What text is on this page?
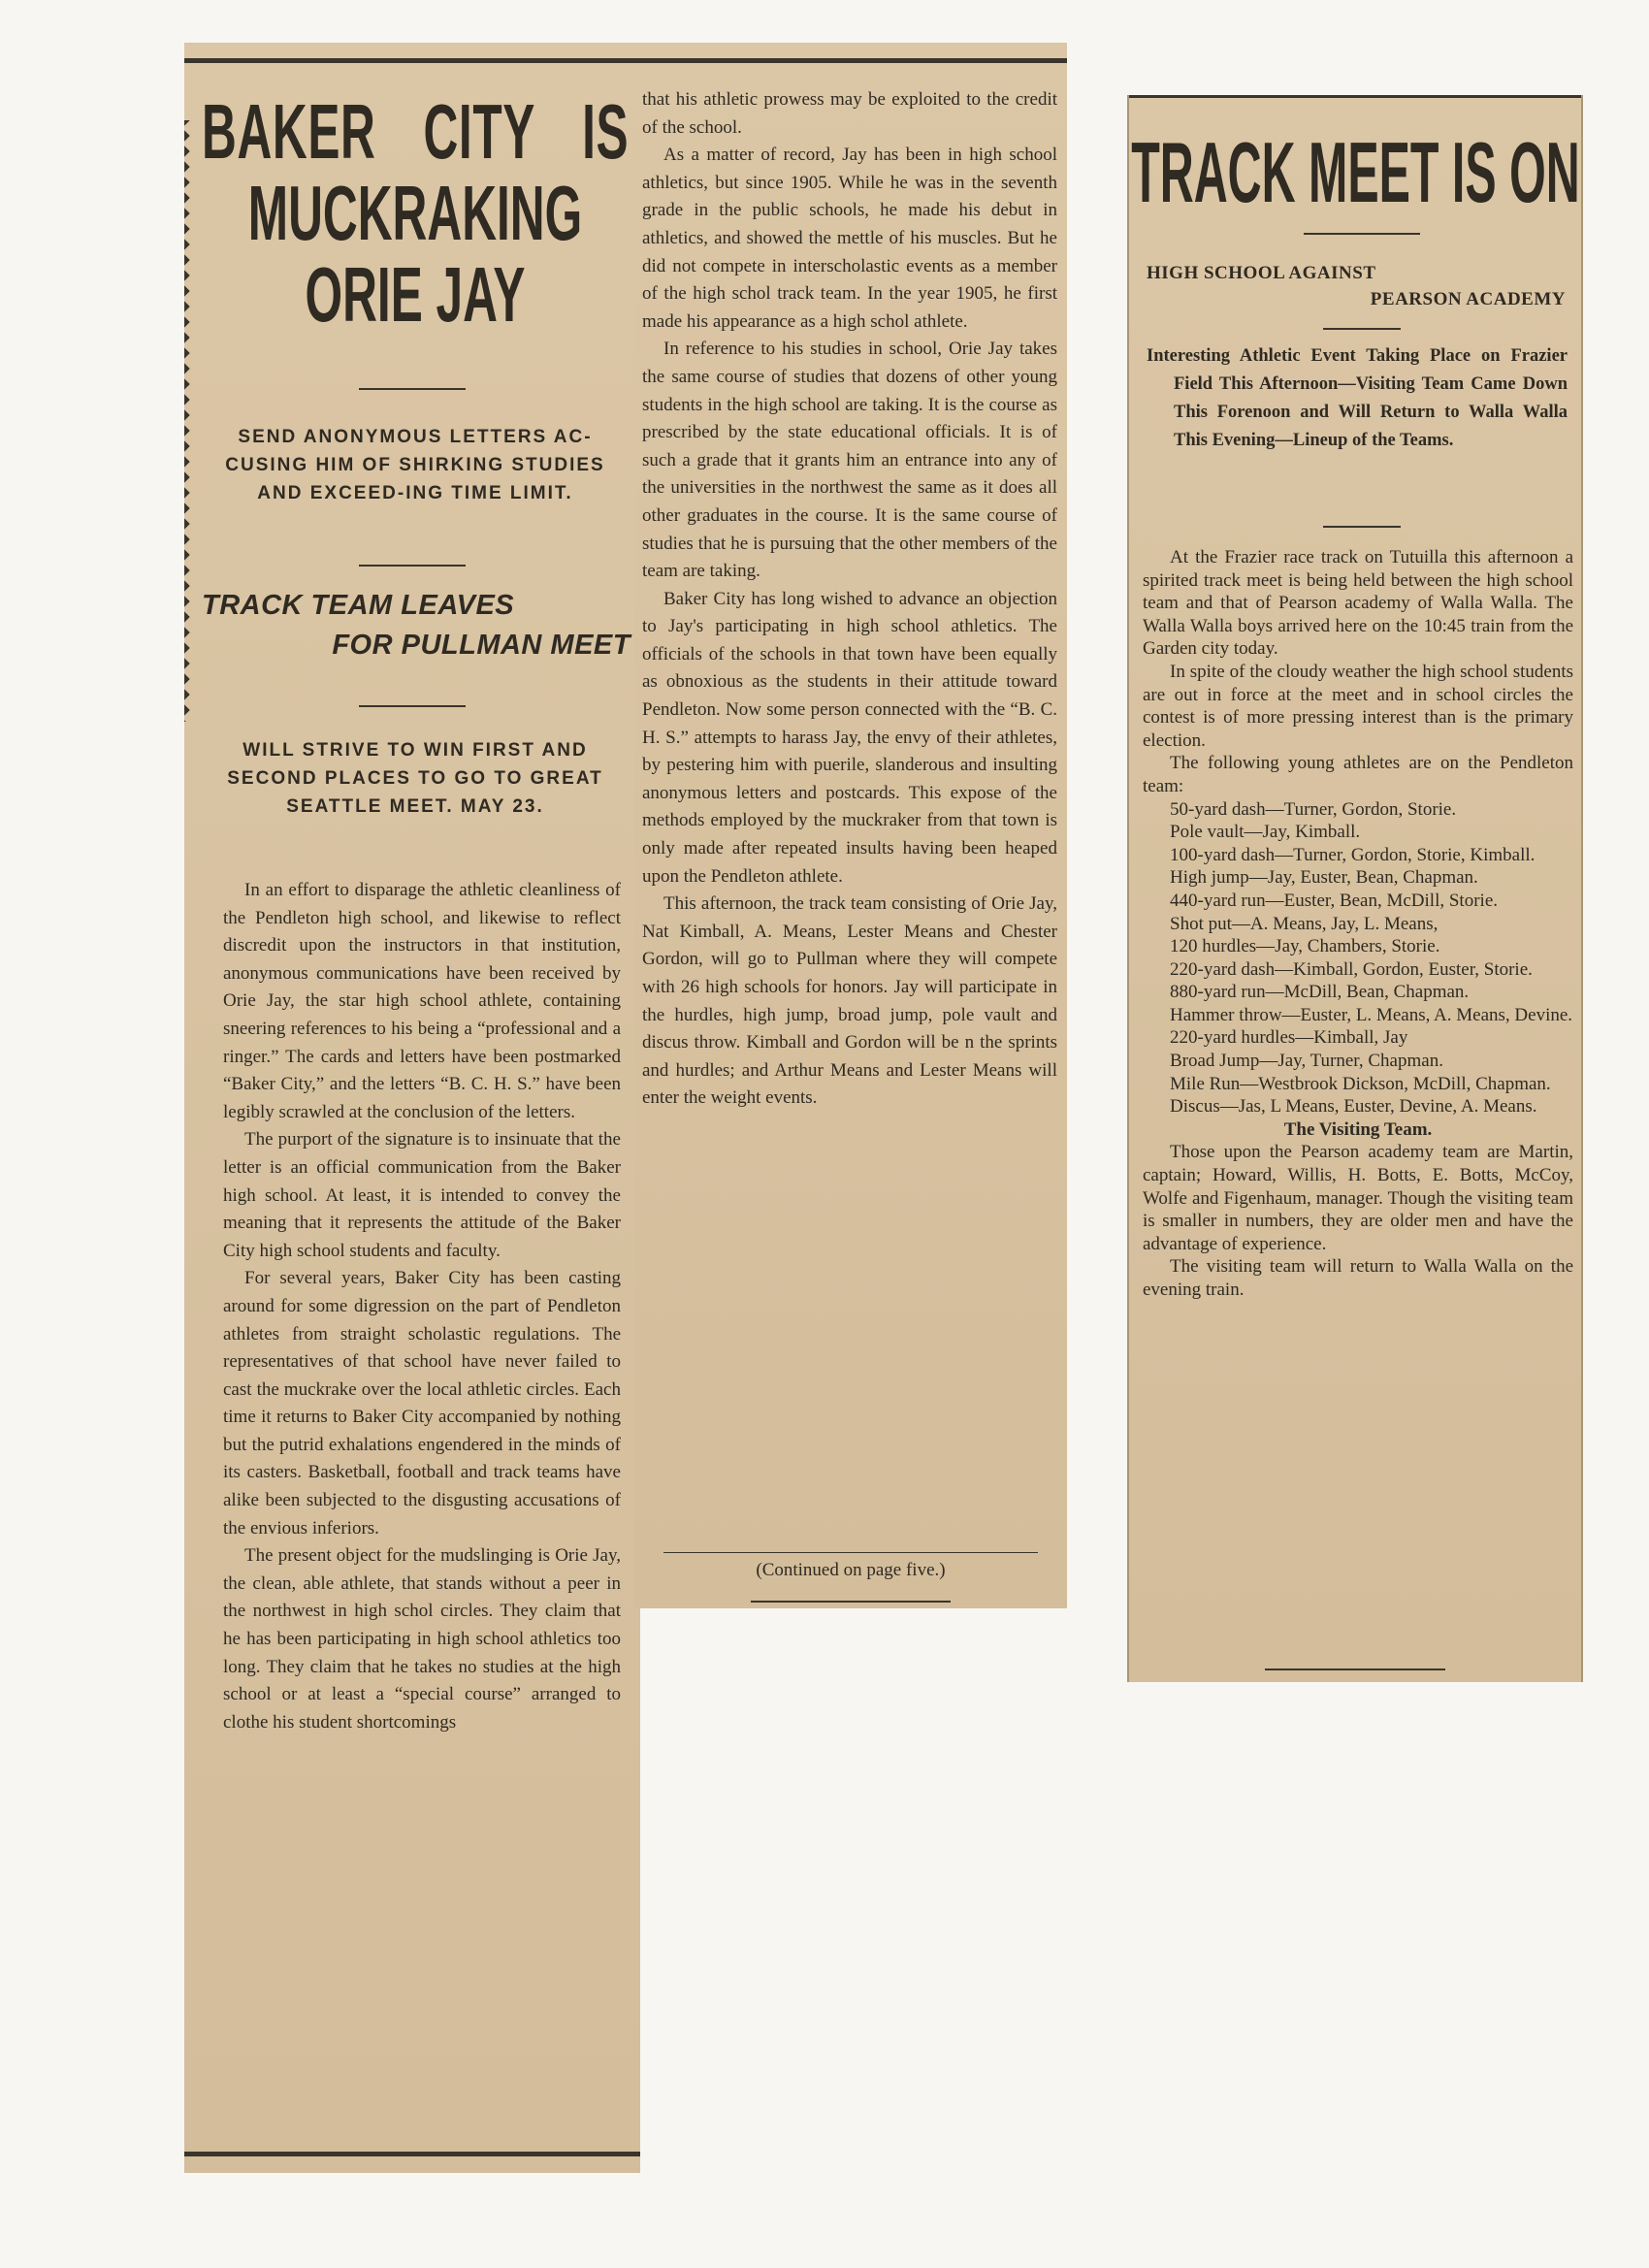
BAKER CITY IS
MUCKRAKING
ORIE JAY

SEND ANONYMOUS LETTERS AC-CUSING HIM OF SHIRKING STUDIES AND EXCEED-ING TIME LIMIT.

TRACK TEAM LEAVES
FOR PULLMAN MEET

WILL STRIVE TO WIN FIRST AND SECOND PLACES TO GO TO GREAT SEATTLE MEET. MAY 23.

In an effort to disparage the athletic cleanliness of the Pendleton high school, and likewise to reflect discredit upon the instructors in that institution, anonymous communications have been received by Orie Jay, the star high school athlete, containing sneering references to his being a “professional and a ringer.” The cards and letters have been postmarked “Baker City,” and the letters “B. C. H. S.” have been legibly scrawled at the conclusion of the letters.

The purport of the signature is to insinuate that the letter is an official communication from the Baker high school. At least, it is intended to convey the meaning that it represents the attitude of the Baker City high school students and faculty.

For several years, Baker City has been casting around for some digression on the part of Pendleton athletes from straight scholastic regulations. The representatives of that school have never failed to cast the muckrake over the local athletic circles. Each time it returns to Baker City accompanied by nothing but the putrid exhalations engendered in the minds of its casters. Basketball, football and track teams have alike been subjected to the disgusting accusations of the envious inferiors.

The present object for the mudslinging is Orie Jay, the clean, able athlete, that stands without a peer in the northwest in high schol circles. They claim that he has been participating in high school athletics too long. They claim that he takes no studies at the high school or at least a “special course” arranged to clothe his student shortcomings

that his athletic prowess may be exploited to the credit of the school.

As a matter of record, Jay has been in high school athletics, but since 1905. While he was in the seventh grade in the public schools, he made his debut in athletics, and showed the mettle of his muscles. But he did not compete in interscholastic events as a member of the high schol track team. In the year 1905, he first made his appearance as a high schol athlete.

In reference to his studies in school, Orie Jay takes the same course of studies that dozens of other young students in the high school are taking. It is the course as prescribed by the state educational officials. It is of such a grade that it grants him an entrance into any of the universities in the northwest the same as it does all other graduates in the course. It is the same course of studies that he is pursuing that the other members of the team are taking.

Baker City has long wished to advance an objection to Jay's participating in high school athletics. The officials of the schools in that town have been equally as obnoxious as the students in their attitude toward Pendleton. Now some person connected with the “B. C. H. S.” attempts to harass Jay, the envy of their athletes, by pestering him with puerile, slanderous and insulting anonymous letters and postcards. This expose of the methods employed by the muckraker from that town is only made after repeated insults having been heaped upon the Pendleton athlete.

This afternoon, the track team consisting of Orie Jay, Nat Kimball, A. Means, Lester Means and Chester Gordon, will go to Pullman where they will compete with 26 high schools for honors. Jay will participate in the hurdles, high jump, broad jump, pole vault and discus throw. Kimball and Gordon will be n the sprints and hurdles; and Arthur Means and Lester Means will enter the weight events.

(Continued on page five.)
TRACK MEET IS ON
HIGH SCHOOL AGAINST
PEARSON ACADEMY

Interesting Athletic Event Taking Place on Frazier Field This Afternoon—Visiting Team Came Down This Forenoon and Will Return to Walla Walla This Evening—Lineup of the Teams.

At the Frazier race track on Tutuilla this afternoon a spirited track meet is being held between the high school team and that of Pearson academy of Walla Walla. The Walla Walla boys arrived here on the 10:45 train from the Garden city today.

In spite of the cloudy weather the high school students are out in force at the meet and in school circles the contest is of more pressing interest than is the primary election.

The following young athletes are on the Pendleton team:

50-yard dash—Turner, Gordon, Storie.

Pole vault—Jay, Kimball.

100-yard dash—Turner, Gordon, Storie, Kimball.

High jump—Jay, Euster, Bean, Chapman.

440-yard run—Euster, Bean, McDill, Storie.

Shot put—A. Means, Jay, L. Means,

120 hurdles—Jay, Chambers, Storie.

220-yard dash—Kimball, Gordon, Euster, Storie.

880-yard run—McDill, Bean, Chapman.

Hammer throw—Euster, L. Means, A. Means, Devine.

220-yard hurdles—Kimball, Jay

Broad Jump—Jay, Turner, Chapman.

Mile Run—Westbrook Dickson, McDill, Chapman.

Discus—Jas, L Means, Euster, Devine, A. Means.

The Visiting Team.

Those upon the Pearson academy team are Martin, captain; Howard, Willis, H. Botts, E. Botts, McCoy, Wolfe and Figenhaum, manager. Though the visiting team is smaller in numbers, they are older men and have the advantage of experience.

The visiting team will return to Walla Walla on the evening train.
